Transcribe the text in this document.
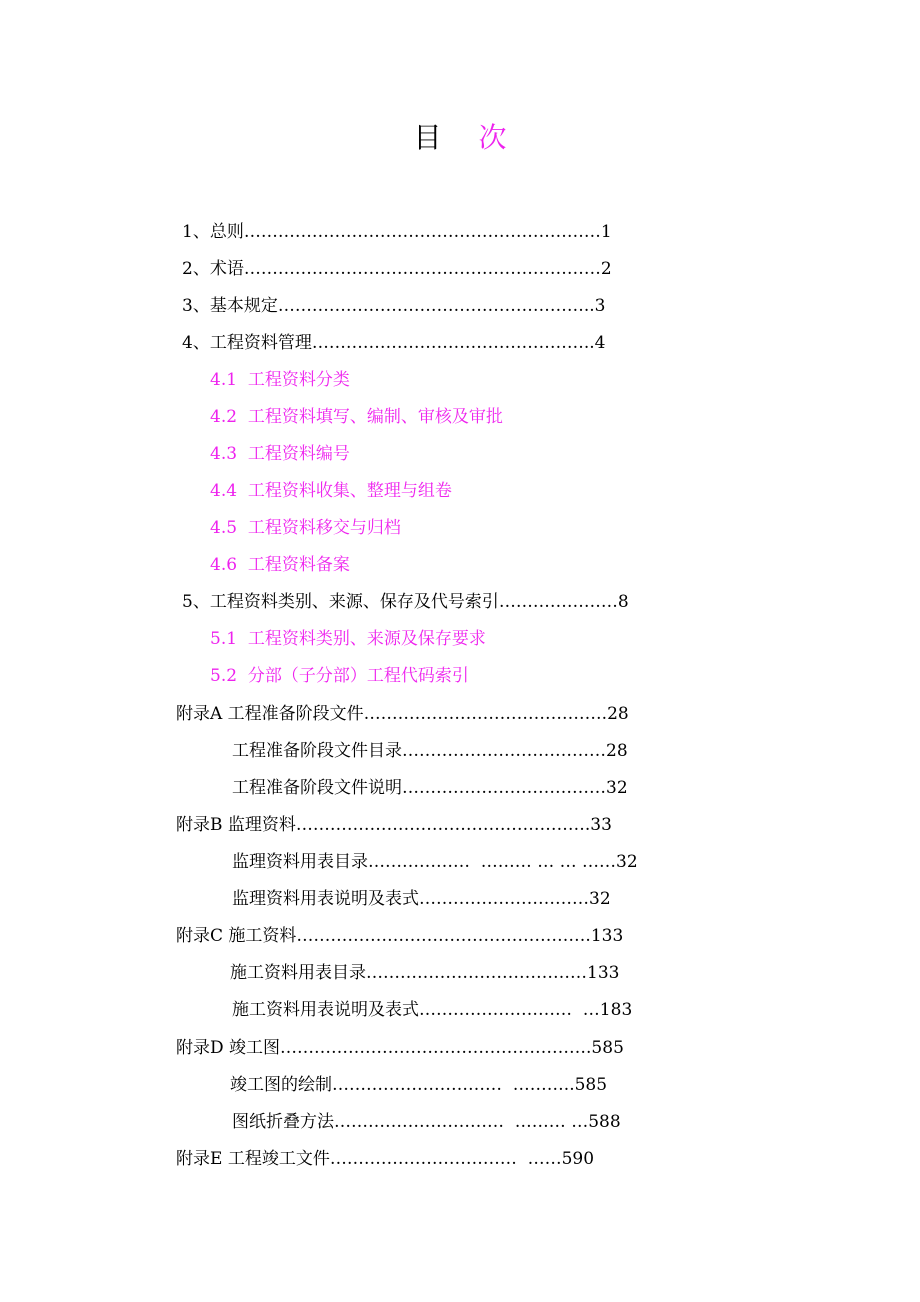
目 次
1、总则………………………………………………………1
2、术语………………………………………………………2
3、基本规定………………………………………………..3
4、工程资料管理…………………………………………..4
4.1  工程资料分类
4.2  工程资料填写、编制、审核及审批
4.3  工程资料编号
4.4  工程资料收集、整理与组卷
4.5  工程资料移交与归档
4.6  工程资料备案
5、工程资料类别、来源、保存及代号索引…………………8
5.1  工程资料类别、来源及保存要求
5.2  分部（子分部）工程代码索引
附录A 工程准备阶段文件…………………………………….28
工程准备阶段文件目录………………………………28
工程准备阶段文件说明………………………………32
附录B 监理资料…………………………………………….33
监理资料用表目录………………  ……… … … ……32
监理资料用表说明及表式…………………………32
附录C 施工资料…………………………………………….133
施工资料用表目录…………………………………133
施工资料用表说明及表式………………………  …183
附录D 竣工图……………………………………………….585
竣工图的绘制…………………………  ………..585
图纸折叠方法…………………………  ……… …588
附录E 工程竣工文件……………………………  ……590
